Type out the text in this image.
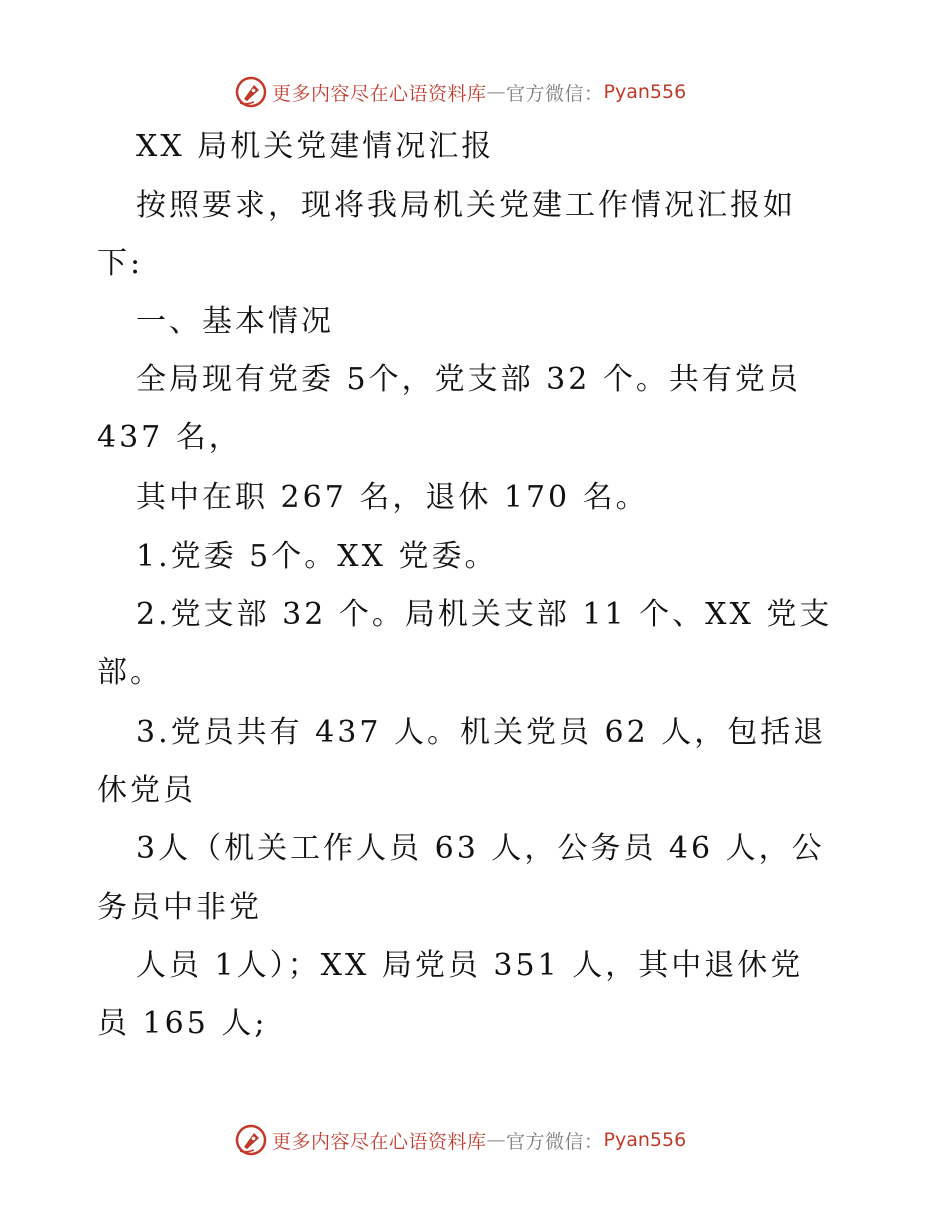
更多内容尽在心语资料库 — 官方微信： Pyan556
XX 局机关党建情况汇报
按照要求，现将我局机关党建工作情况汇报如
下:
一、基本情况
全局现有党委 5个，党支部 32 个。共有党员
437 名，
其中在职 267 名，退休 170 名。
1.党委 5个。XX 党委。
2.党支部 32 个。局机关支部 11 个、XX 党支
部。
3.党员共有 437 人。机关党员 62 人，包括退
休党员
3人（机关工作人员 63 人，公务员 46 人，公
务员中非党
人员 1人）；XX 局党员 351 人，其中退休党
员 165 人;
更多内容尽在心语资料库 — 官方微信： Pyan556
